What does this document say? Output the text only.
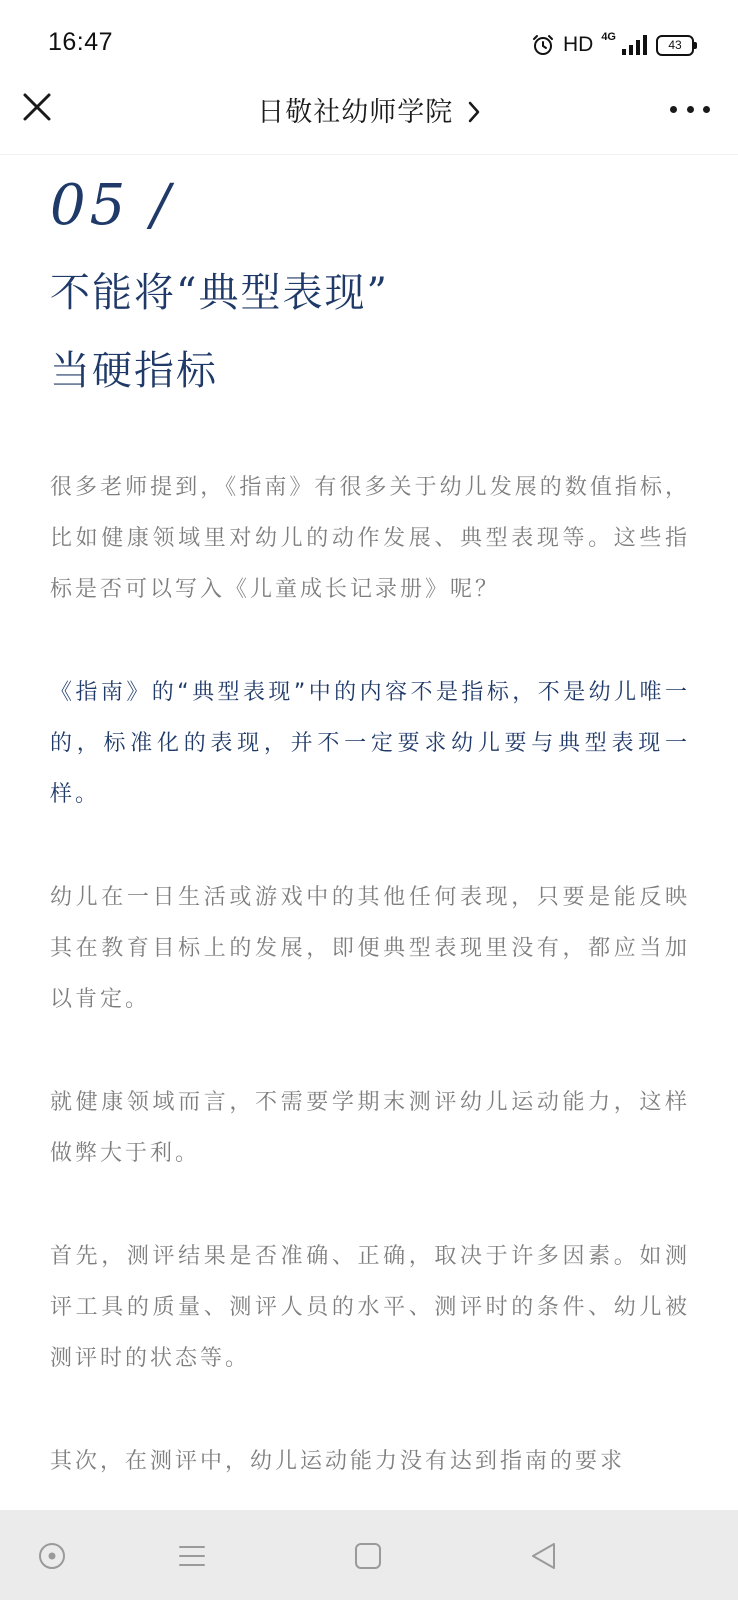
16:47	HD 4G
43
日敬社幼师学院
05 /
不能将“典型表现”
当硬指标

很多老师提到，《指南》有很多关于幼儿发展的数值指标，比如健康领域里对幼儿的动作发展、典型表现等。这些指标是否可以写入《儿童成长记录册》呢？

《指南》的“典型表现”中的内容不是指标，不是幼儿唯一的，标准化的表现，并不一定要求幼儿要与典型表现一样。

幼儿在一日生活或游戏中的其他任何表现，只要是能反映其在教育目标上的发展，即便典型表现里没有，都应当加以肯定。

就健康领域而言，不需要学期末测评幼儿运动能力，这样做弊大于利。

首先，测评结果是否准确、正确，取决于许多因素。如测评工具的质量、测评人员的水平、测评时的条件、幼儿被测评时的状态等。

其次，在测评中，幼儿运动能力没有达到指南的要求
